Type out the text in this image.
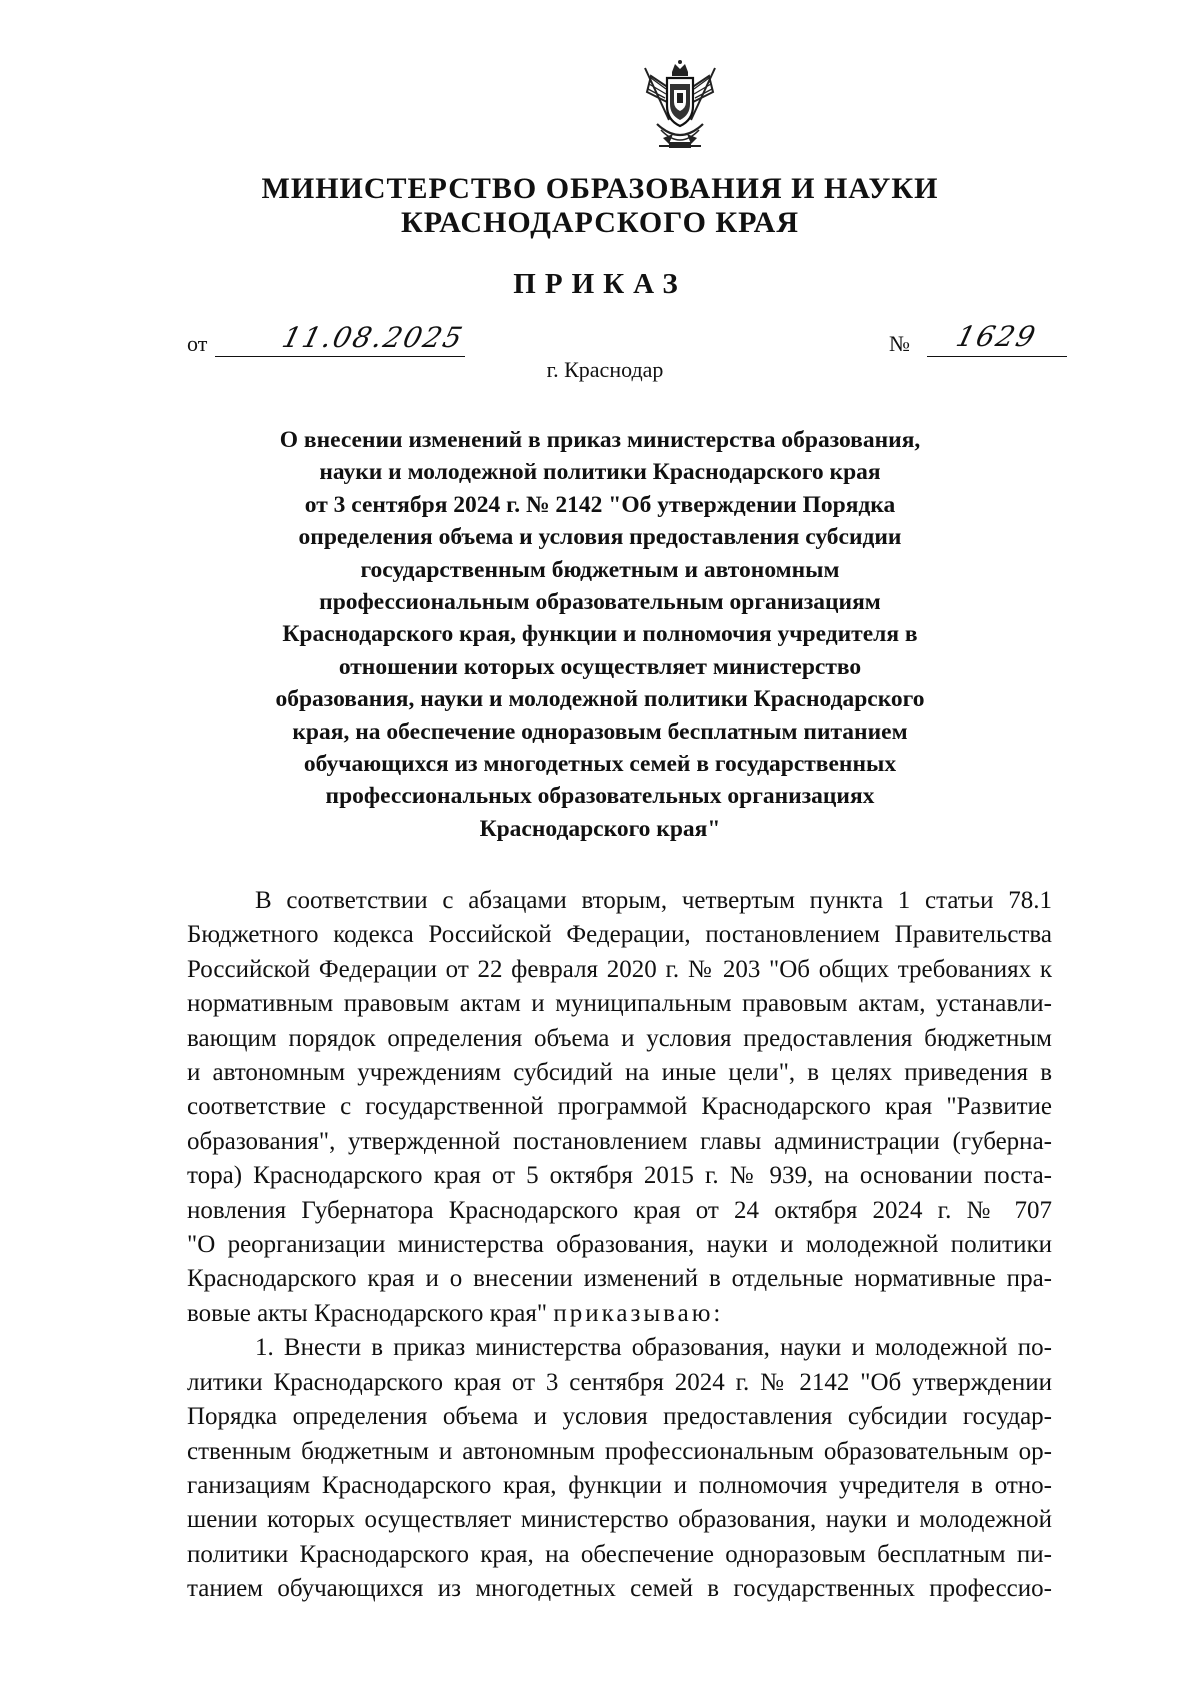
МИНИСТЕРСТВО ОБРАЗОВАНИЯ И НАУКИ
КРАСНОДАРСКОГО КРАЯ
ПРИКАЗ
от	11.08.2025	№ 1629
г. Краснодар
О внесении изменений в приказ министерства образования,
науки и молодежной политики Краснодарского края
от 3 сентября 2024 г. № 2142 "Об утверждении Порядка
определения объема и условия предоставления субсидии
государственным бюджетным и автономным
профессиональным образовательным организациям
Краснодарского края, функции и полномочия учредителя в
отношении которых осуществляет министерство
образования, науки и молодежной политики Краснодарского
края, на обеспечение одноразовым бесплатным питанием
обучающихся из многодетных семей в государственных
профессиональных образовательных организациях
Краснодарского края"
В соответствии с абзацами вторым, четвертым пункта 1 статьи 78.1
Бюджетного кодекса Российской Федерации, постановлением Правительства
Российской Федерации от 22 февраля 2020 г. № 203 "Об общих требованиях к
нормативным правовым актам и муниципальным правовым актам, устанавли-
вающим порядок определения объема и условия предоставления бюджетным
и автономным учреждениям субсидий на иные цели", в целях приведения в
соответствие с государственной программой Краснодарского края "Развитие
образования", утвержденной постановлением главы администрации (губерна-
тора) Краснодарского края от 5 октября 2015 г. № 939, на основании поста-
новления Губернатора Краснодарского края от 24 октября 2024 г. № 707
"О реорганизации министерства образования, науки и молодежной политики
Краснодарского края и о внесении изменений в отдельные нормативные пра-
вовые акты Краснодарского края" приказываю:
1. Внести в приказ министерства образования, науки и молодежной по-
литики Краснодарского края от 3 сентября 2024 г. № 2142 "Об утверждении
Порядка определения объема и условия предоставления субсидии государ-
ственным бюджетным и автономным профессиональным образовательным ор-
ганизациям Краснодарского края, функции и полномочия учредителя в отно-
шении которых осуществляет министерство образования, науки и молодежной
политики Краснодарского края, на обеспечение одноразовым бесплатным пи-
танием обучающихся из многодетных семей в государственных профессио-
